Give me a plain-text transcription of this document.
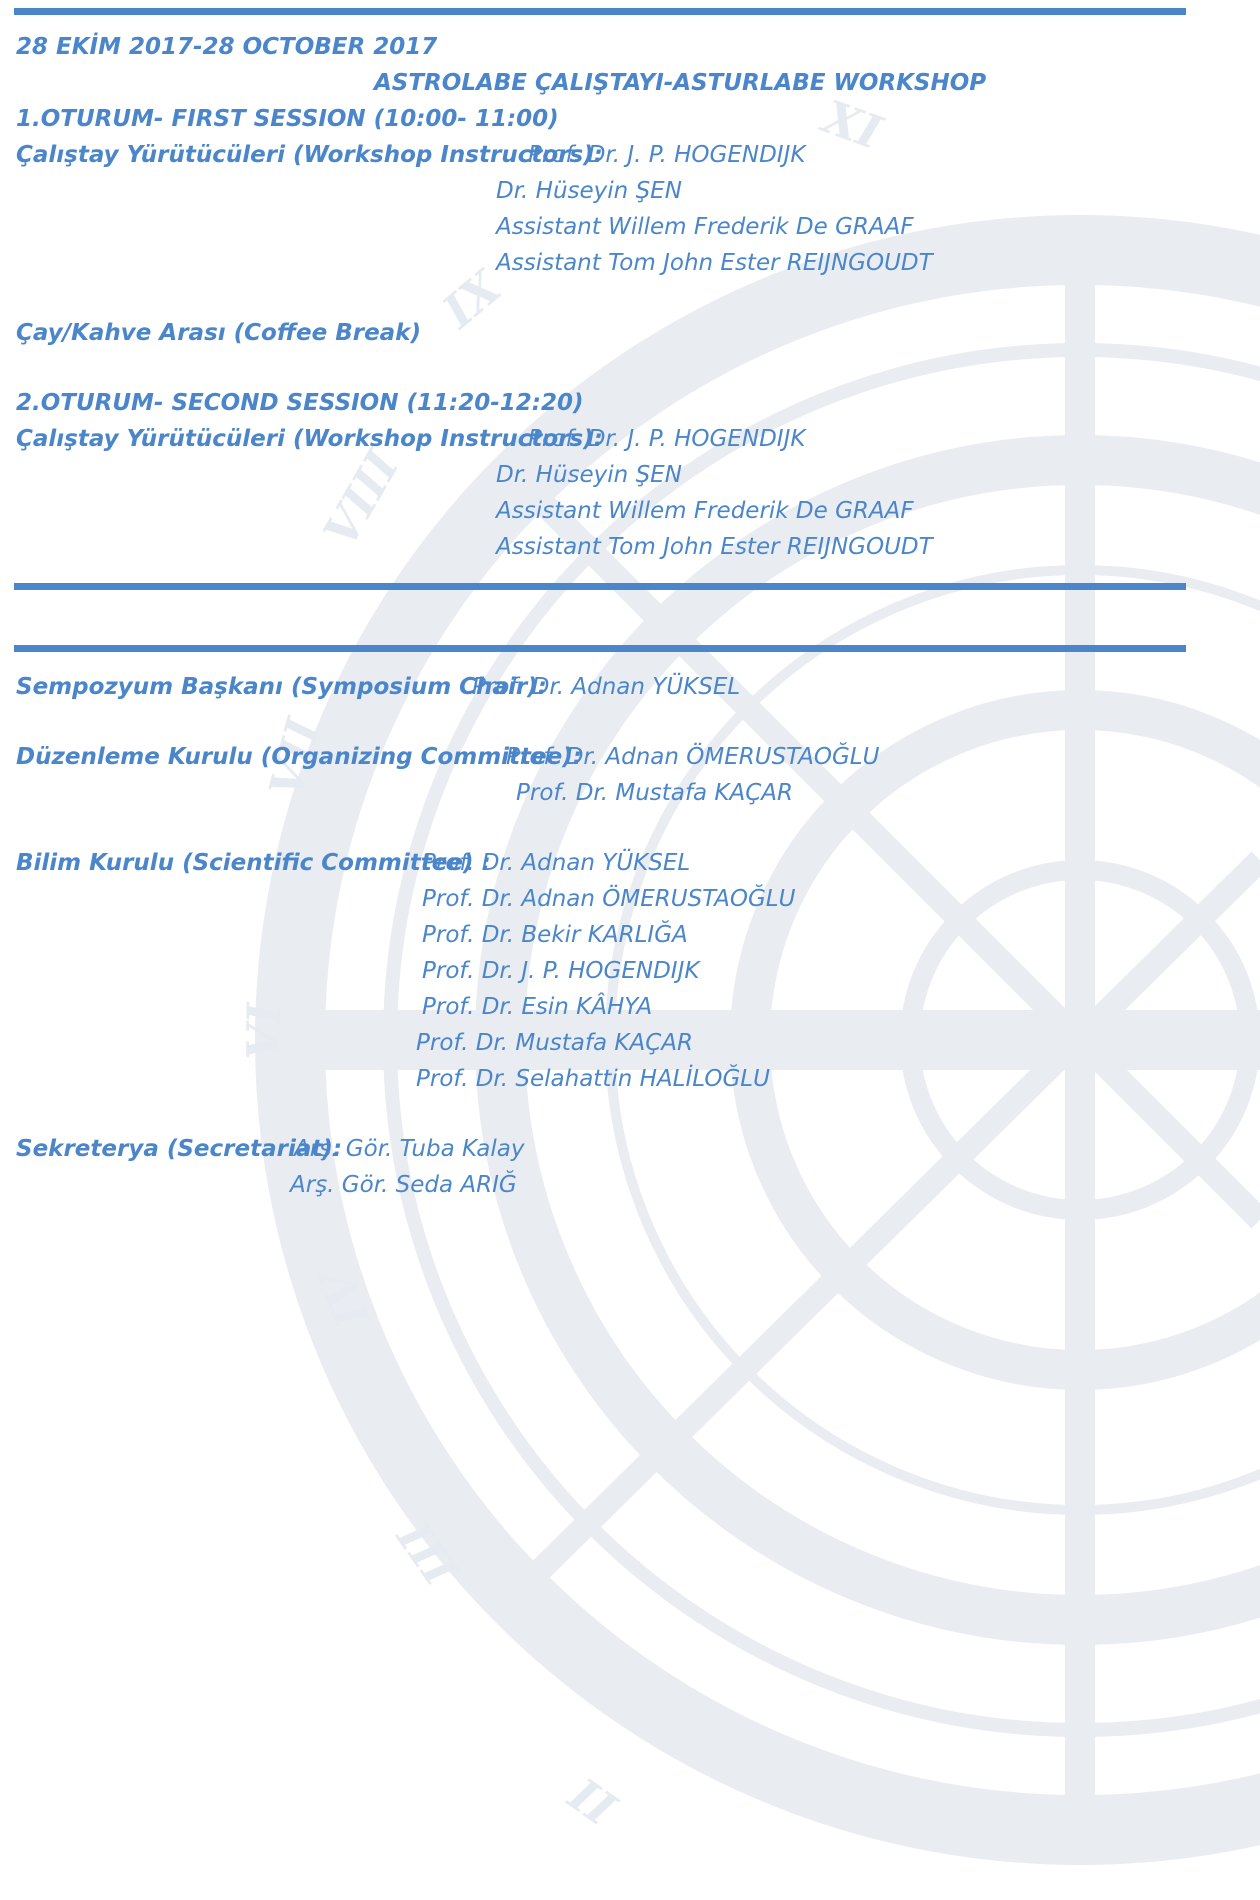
XI
IX
VIII
VII
VI
IV
III
II
28 EKİM 2017-28 OCTOBER 2017
ASTROLABE ÇALIŞTAYI-ASTURLABE WORKSHOP
1.OTURUM- FIRST SESSION (10:00- 11:00)
Çalıştay Yürütücüleri (Workshop Instructors):
Prof. Dr. J. P. HOGENDIJK
Dr. Hüseyin ŞEN
Assistant Willem Frederik De GRAAF
Assistant Tom John Ester REIJNGOUDT
Çay/Kahve Arası (Coffee Break)
2.OTURUM- SECOND SESSION (11:20-12:20)
Çalıştay Yürütücüleri (Workshop Instructors):
Prof. Dr. J. P. HOGENDIJK
Dr. Hüseyin ŞEN
Assistant Willem Frederik De GRAAF
Assistant Tom John Ester REIJNGOUDT
Sempozyum Başkanı (Symposium Chair):
Prof. Dr. Adnan YÜKSEL
Düzenleme Kurulu (Organizing Committee):
Prof. Dr. Adnan ÖMERUSTAOĞLU
Prof. Dr. Mustafa KAÇAR
Bilim Kurulu (Scientific Committee) :
Prof. Dr. Adnan YÜKSEL
Prof. Dr. Adnan ÖMERUSTAOĞLU
Prof. Dr. Bekir KARLIĞA
Prof. Dr. J. P. HOGENDIJK
Prof. Dr. Esin KÂHYA
Prof. Dr. Mustafa KAÇAR
Prof. Dr. Selahattin HALİLOĞLU
Sekreterya (Secretariat):
Arş. Gör. Tuba Kalay
Arş. Gör. Seda ARIĞ
